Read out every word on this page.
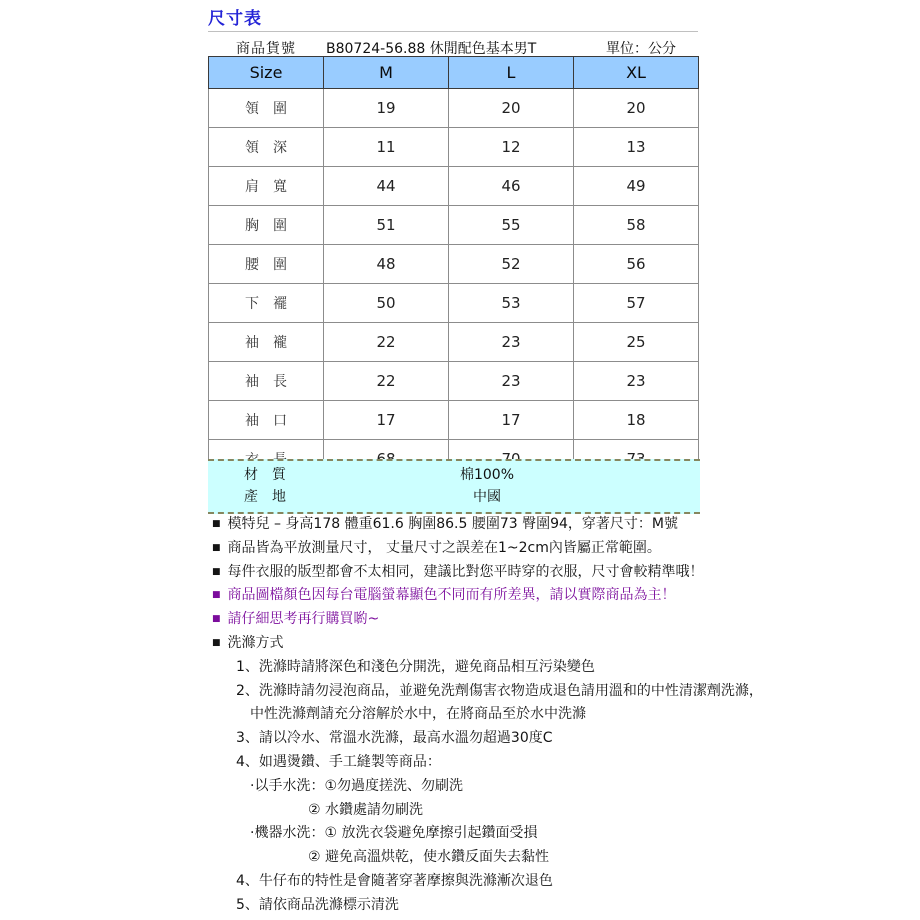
尺寸表
商品貨號 B80724-56.88 休閒配色基本男T	單位：公分
Size	M	L	XL
領　圍	19	20	20
領　深	11	12	13
肩　寬	44	46	49
胸　圍	51	55	58
腰　圍	48	52	56
下　襬	50	53	57
袖　襱	22	23	25
袖　長	22	23	23
袖　口	17	17	18

材　質	棉100%
產　地	中國
■ 模特兒 – 身高178 體重61.6 胸圍86.5 腰圍73 臀圍94，穿著尺寸：M號
■ 商品皆為平放測量尺寸， 丈量尺寸之誤差在1~2cm內皆屬正常範圍。
■ 每件衣服的版型都會不太相同，建議比對您平時穿的衣服，尺寸會較精準哦！
■ 商品圖檔顏色因每台電腦螢幕顯色不同而有所差異，請以實際商品為主！
■ 請仔細思考再行購買喲~
■ 洗滌方式
1、洗滌時請將深色和淺色分開洗，避免商品相互污染變色
2、洗滌時請勿浸泡商品，並避免洗劑傷害衣物造成退色請用溫和的中性清潔劑洗滌，
中性洗滌劑請充分溶解於水中，在將商品至於水中洗滌
3、請以冷水、常溫水洗滌，最高水溫勿超過30度C
4、如遇燙鑽、手工縫製等商品：
·以手水洗：①勿過度搓洗、勿刷洗
② 水鑽處請勿刷洗
·機器水洗：① 放洗衣袋避免摩擦引起鑽面受損
② 避免高溫烘乾，使水鑽反面失去黏性
4、牛仔布的特性是會隨著穿著摩擦與洗滌漸次退色
5、請依商品洗滌標示清洗
